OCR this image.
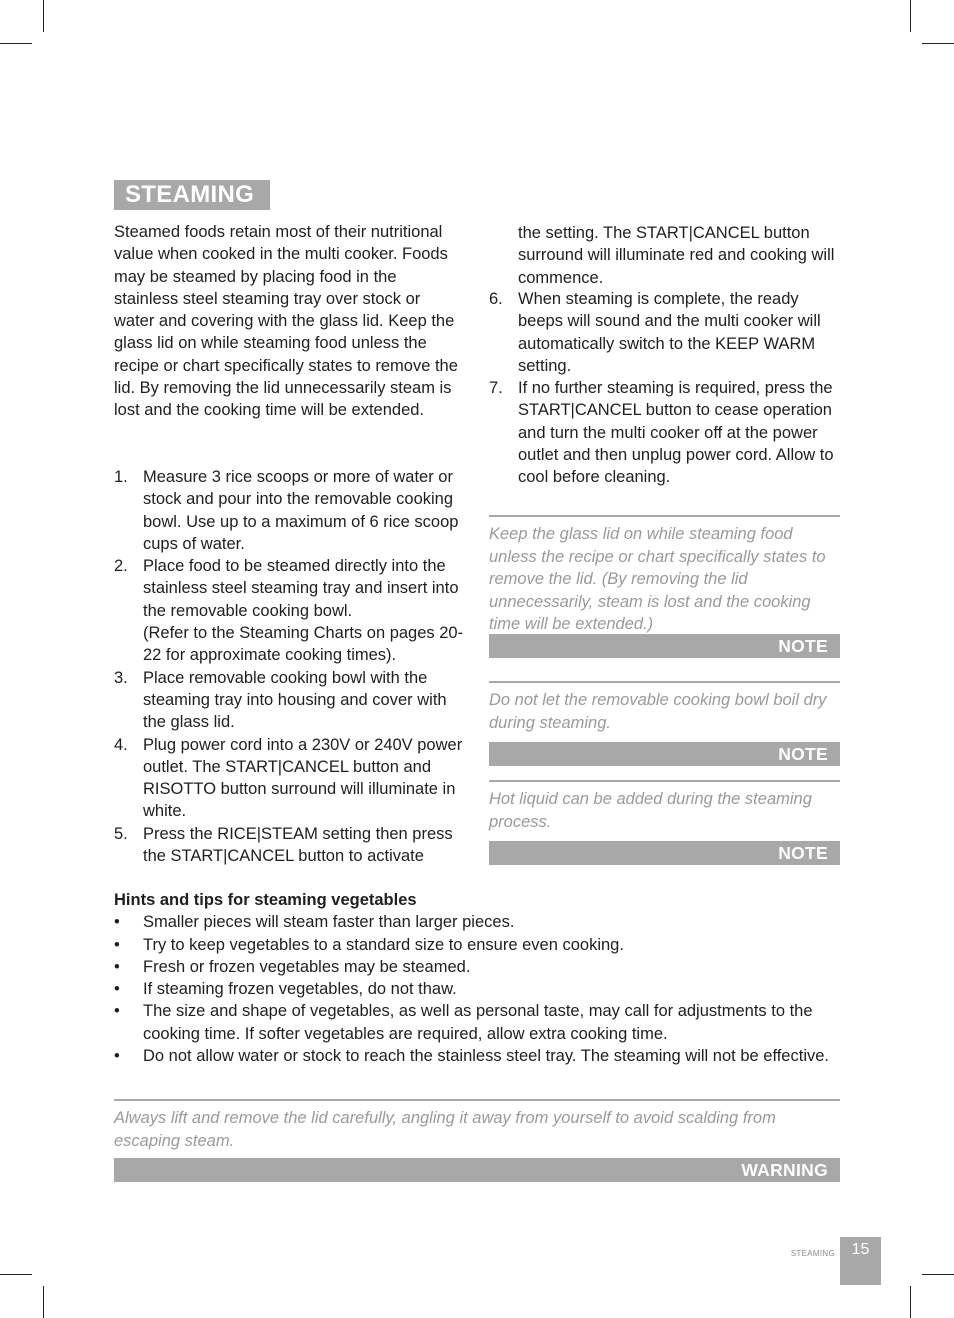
STEAMING
Steamed foods retain most of their nutritional value when cooked in the multi cooker. Foods may be steamed by placing food in the stainless steel steaming tray over stock or water and covering with the glass lid. Keep the glass lid on while steaming food unless the recipe or chart specifically states to remove the lid. By removing the lid unnecessarily steam is lost and the cooking time will be extended.
1. Measure 3 rice scoops or more of water or stock and pour into the removable cooking bowl. Use up to a maximum of 6 rice scoop cups of water.
2. Place food to be steamed directly into the stainless steel steaming tray and insert into the removable cooking bowl.
(Refer to the Steaming Charts on pages 20-22 for approximate cooking times).
3. Place removable cooking bowl with the steaming tray into housing and cover with the glass lid.
4. Plug power cord into a 230V or 240V power outlet. The START|CANCEL button and RISOTTO button surround will illuminate in white.
5. Press the RICE|STEAM setting then press the START|CANCEL button to activate
the setting. The START|CANCEL button surround will illuminate red and cooking will commence.
6. When steaming is complete, the ready beeps will sound and the multi cooker will automatically switch to the KEEP WARM setting.
7. If no further steaming is required, press the START|CANCEL button to cease operation and turn the multi cooker off at the power outlet and then unplug power cord. Allow to cool before cleaning.
Keep the glass lid on while steaming food unless the recipe or chart specifically states to remove the lid. (By removing the lid unnecessarily, steam is lost and the cooking time will be extended.)
NOTE
Do not let the removable cooking bowl boil dry during steaming.
NOTE
Hot liquid can be added during the steaming process.
NOTE
Hints and tips for steaming vegetables
• Smaller pieces will steam faster than larger pieces.
• Try to keep vegetables to a standard size to ensure even cooking.
• Fresh or frozen vegetables may be steamed.
• If steaming frozen vegetables, do not thaw.
• The size and shape of vegetables, as well as personal taste, may call for adjustments to the cooking time. If softer vegetables are required, allow extra cooking time.
• Do not allow water or stock to reach the stainless steel tray. The steaming will not be effective.
Always lift and remove the lid carefully, angling it away from yourself to avoid scalding from escaping steam.
WARNING
STEAMING	15
